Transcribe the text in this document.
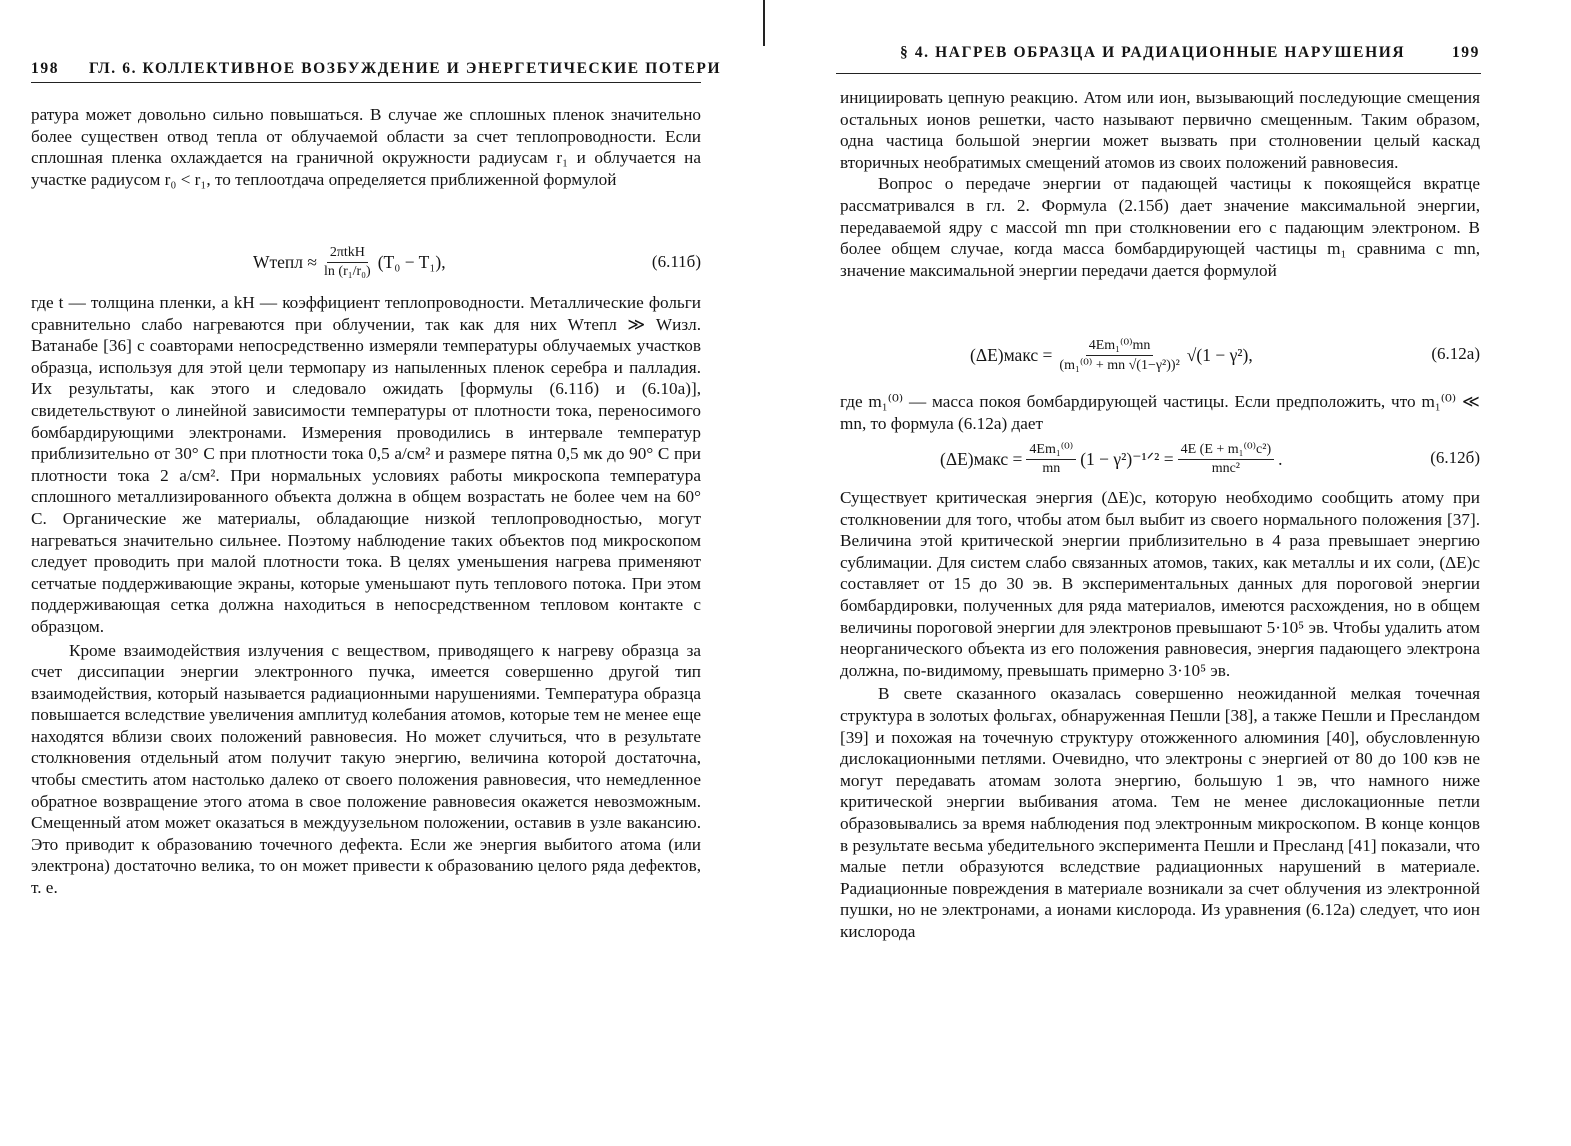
198 ГЛ. 6. КОЛЛЕКТИВНОЕ ВОЗБУЖДЕНИЕ И ЭНЕРГЕТИЧЕСКИЕ ПОТЕРИ

ратура может довольно сильно повышаться. В случае же сплошных пленок значительно более существен отвод тепла от облучаемой области за счет теплопроводности. Если сплошная пленка охлаждается на граничной окружности радиусам r₁ и облучается на участке радиусом r₀ < r₁, то теплоотдача определяется приближенной формулой

Wтепл ≈ $\frac{\text{2πtkH}}{\text{ln (r₁/r₀)}} (T_0 - T_1)$,	(6.11б)

где t — толщина пленки, а kH — коэффициент теплопроводности. Металлические фольги сравнительно слабо нагреваются при облучении, так как для них Wтепл ≫ Wизл. Ватанабе [36] с соавторами непосредственно измеряли температуры облучаемых участков образца, используя для этой цели термопару из напыленных пленок серебра и палладия. Их результаты, как этого и следовало ожидать [формулы (6.11б) и (6.10а)], свидетельствуют о линейной зависимости температуры от плотности тока, переносимого бомбардирующими электронами. Измерения проводились в интервале температур приблизительно от 30° С при плотности тока 0,5 а/см² и размере пятна 0,5 мк до 90° С при плотности тока 2 а/см². При нормальных условиях работы микроскопа температура сплошного металлизированного объекта должна в общем возрастать не более чем на 60° С. Органические же материалы, обладающие низкой теплопроводностью, могут нагреваться значительно сильнее. Поэтому наблюдение таких объектов под микроскопом следует проводить при малой плотности тока. В целях уменьшения нагрева применяют сетчатые поддерживающие экраны, которые уменьшают путь теплового потока. При этом поддерживающая сетка должна находиться в непосредственном тепловом контакте с образцом.

Кроме взаимодействия излучения с веществом, приводящего к нагреву образца за счет диссипации энергии электронного пучка, имеется совершенно другой тип взаимодействия, который называется радиационными нарушениями. Температура образца повышается вследствие увеличения амплитуд колебания атомов, которые тем не менее еще находятся вблизи своих положений равновесия. Но может случиться, что в результате столкновения отдельный атом получит такую энергию, величина которой достаточна, чтобы сместить атом настолько далеко от своего положения равновесия, что немедленное обратное возвращение этого атома в свое положение равновесия окажется невозможным. Смещенный атом может оказаться в междуузельном положении, оставив в узле вакансию. Это приводит к образованию точечного дефекта. Если же энергия выбитого атома (или электрона) достаточно велика, то он может привести к образованию целого ряда дефектов, т. е.

§ 4. НАГРЕВ ОБРАЗЦА И РАДИАЦИОННЫЕ НАРУШЕНИЯ	199

инициировать цепную реакцию. Атом или ион, вызывающий последующие смещения остальных ионов решетки, часто называют первично смещенным. Таким образом, одна частица большой энергии может вызвать при столновении целый каскад вторичных необратимых смещений атомов из своих положений равновесия.

Вопрос о передаче энергии от падающей частицы к покоящейся вкратце рассматривался в гл. 2. Формула (2.15б) дает значение максимальной энергии, передаваемой ядру с массой mn при столкновении его с падающим электроном. В более общем случае, когда масса бомбардирующей частицы m₁ сравнима с mn, значение максимальной энергии передачи дается формулой

(ΔE)макс = $\frac{\text{4Em₁⁽⁰⁾mn}}{\text{(m₁⁽⁰⁾ + mn √(1−γ²))²}} √(1 - \gamma^2)$,	(6.12а)

где m₁⁽⁰⁾ — масса покоя бомбардирующей частицы. Если предположить, что m₁⁽⁰⁾ ≪ mn, то формула (6.12а) дает

(ΔE)макс = $\frac{\text{4Em₁⁽⁰⁾}}{mn} (1$ − γ²)⁻¹ᐟ² = $\frac{\text{4E (E + m₁⁽⁰⁾c²)}}{\text{mnc²}}$ .	(6.12б)

Существует критическая энергия (ΔE)c, которую необходимо сообщить атому при столкновении для того, чтобы атом был выбит из своего нормального положения [37]. Величина этой критической энергии приблизительно в 4 раза превышает энергию сублимации. Для систем слабо связанных атомов, таких, как металлы и их соли, (ΔE)c составляет от 15 до 30 эв. В экспериментальных данных для пороговой энергии бомбардировки, полученных для ряда материалов, имеются расхождения, но в общем величины пороговой энергии для электронов превышают 5·10⁵ эв. Чтобы удалить атом неорганического объекта из его положения равновесия, энергия падающего электрона должна, по-видимому, превышать примерно 3·10⁵ эв.

В свете сказанного оказалась совершенно неожиданной мелкая точечная структура в золотых фольгах, обнаруженная Пешли [38], а также Пешли и Пресландом [39] и похожая на точечную структуру отожженного алюминия [40], обусловленную дислокационными петлями. Очевидно, что электроны с энергией от 80 до 100 кэв не могут передавать атомам золота энергию, большую 1 эв, что намного ниже критической энергии выбивания атома. Тем не менее дислокационные петли образовывались за время наблюдения под электронным микроскопом. В конце концов в результате весьма убедительного эксперимента Пешли и Пресланд [41] показали, что малые петли образуются вследствие радиационных нарушений в материале. Радиационные повреждения в материале возникали за счет облучения из электронной пушки, но не электронами, а ионами кислорода. Из уравнения (6.12а) следует, что ион кислорода
